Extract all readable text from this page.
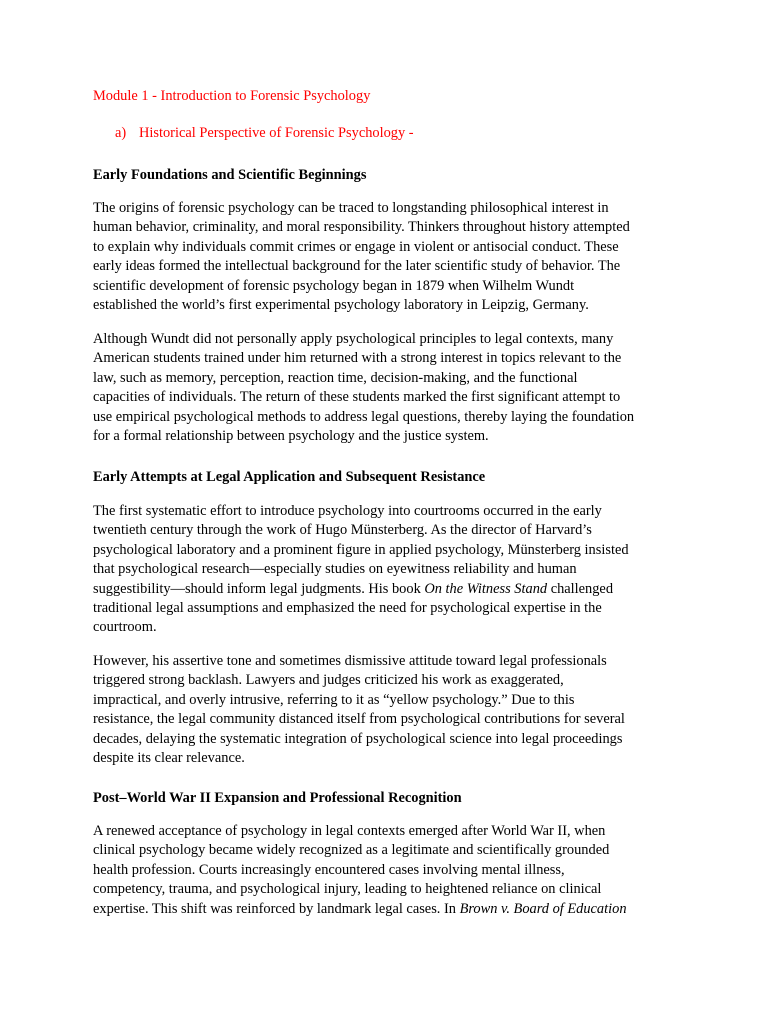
Module 1 - Introduction to Forensic Psychology
a) Historical Perspective of Forensic Psychology -
Early Foundations and Scientific Beginnings
The origins of forensic psychology can be traced to longstanding philosophical interest in
human behavior, criminality, and moral responsibility. Thinkers throughout history attempted
to explain why individuals commit crimes or engage in violent or antisocial conduct. These
early ideas formed the intellectual background for the later scientific study of behavior. The
scientific development of forensic psychology began in 1879 when Wilhelm Wundt
established the world’s first experimental psychology laboratory in Leipzig, Germany.
Although Wundt did not personally apply psychological principles to legal contexts, many
American students trained under him returned with a strong interest in topics relevant to the
law, such as memory, perception, reaction time, decision-making, and the functional
capacities of individuals. The return of these students marked the first significant attempt to
use empirical psychological methods to address legal questions, thereby laying the foundation
for a formal relationship between psychology and the justice system.
Early Attempts at Legal Application and Subsequent Resistance
The first systematic effort to introduce psychology into courtrooms occurred in the early
twentieth century through the work of Hugo Münsterberg. As the director of Harvard’s
psychological laboratory and a prominent figure in applied psychology, Münsterberg insisted
that psychological research—especially studies on eyewitness reliability and human
suggestibility—should inform legal judgments. His book On the Witness Stand challenged
traditional legal assumptions and emphasized the need for psychological expertise in the
courtroom.
However, his assertive tone and sometimes dismissive attitude toward legal professionals
triggered strong backlash. Lawyers and judges criticized his work as exaggerated,
impractical, and overly intrusive, referring to it as “yellow psychology.” Due to this
resistance, the legal community distanced itself from psychological contributions for several
decades, delaying the systematic integration of psychological science into legal proceedings
despite its clear relevance.
Post–World War II Expansion and Professional Recognition
A renewed acceptance of psychology in legal contexts emerged after World War II, when
clinical psychology became widely recognized as a legitimate and scientifically grounded
health profession. Courts increasingly encountered cases involving mental illness,
competency, trauma, and psychological injury, leading to heightened reliance on clinical
expertise. This shift was reinforced by landmark legal cases. In Brown v. Board of Education
